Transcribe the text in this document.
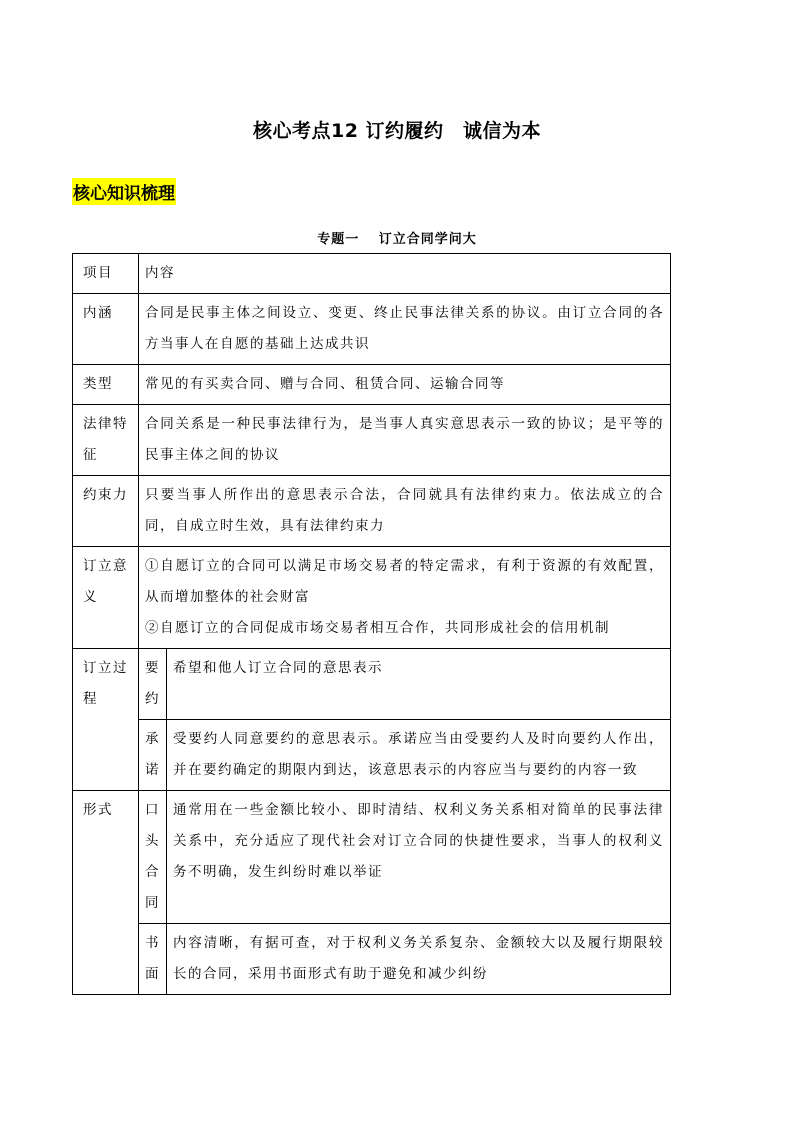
核心考点12 订约履约　诚信为本
核心知识梳理
专题一　 订立合同学问大
项目	内容	
内涵	合同是民事主体之间设立、变更、终止民事法律关系的协议。由订立合同的各方当事人在自愿的基础上达成共识	
类型	常见的有买卖合同、赠与合同、租赁合同、运输合同等	
法律特征	合同关系是一种民事法律行为，是当事人真实意思表示一致的协议；是平等的民事主体之间的协议	
约束力	只要当事人所作出的意思表示合法，合同就具有法律约束力。依法成立的合同，自成立时生效，具有法律约束力	
订立意义	①自愿订立的合同可以满足市场交易者的特定需求，有利于资源的有效配置，从而增加整体的社会财富
②自愿订立的合同促成市场交易者相互合作，共同形成社会的信用机制	

订立过程	要约	希望和他人订立合同的意思表示
	承诺	受要约人同意要约的意思表示。承诺应当由受要约人及时向要约人作出，并在要约确定的期限内到达，该意思表示的内容应当与要约的内容一致
形式	口头合同	通常用在一些金额比较小、即时清结、权利义务关系相对简单的民事法律关系中，充分适应了现代社会对订立合同的快捷性要求，当事人的权利义务不明确，发生纠纷时难以举证
	书面	内容清晰，有据可查，对于权利义务关系复杂、金额较大以及履行期限较长的合同，采用书面形式有助于避免和减少纠纷
